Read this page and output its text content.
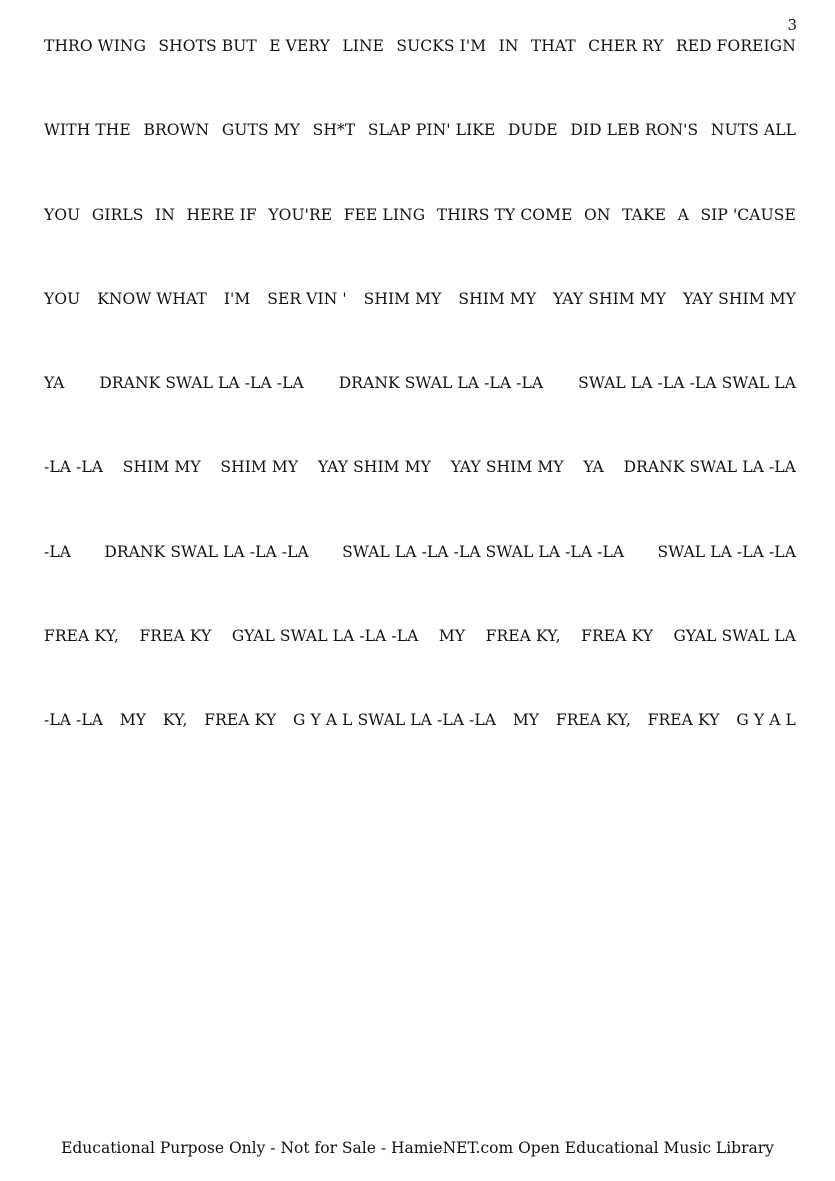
3
THRO WING SHOTS BUT E VERY LINE SUCKS I'M IN THAT CHER RY RED FOREIGN
WITH THE BROWN GUTS MY SH*T SLAP PIN' LIKE DUDE DID LEB RON'S NUTS ALL
YOU GIRLS IN HERE IF YOU'RE FEE LING THIRS TY COME ON TAKE A SIP 'CAUSE
YOU KNOW WHAT I'M SER VIN ' SHIM MY SHIM MY YAY SHIM MY YAY SHIM MY
YA DRANK SWAL LA -LA -LA DRANK SWAL LA -LA -LA SWAL LA -LA -LA SWAL LA
-LA -LA SHIM MY SHIM MY YAY SHIM MY YAY SHIM MY YA DRANK SWAL LA -LA
-LA DRANK SWAL LA -LA -LA SWAL LA -LA -LA SWAL LA -LA -LA SWAL LA -LA -LA
FREA KY, FREA KY GYAL SWAL LA -LA -LA MY FREA KY, FREA KY GYAL SWAL LA
-LA -LA MY KY, FREA KY G Y A L SWAL LA -LA -LA MY FREA KY, FREA KY G Y A L
Educational Purpose Only - Not for Sale - HamieNET.com Open Educational Music Library
